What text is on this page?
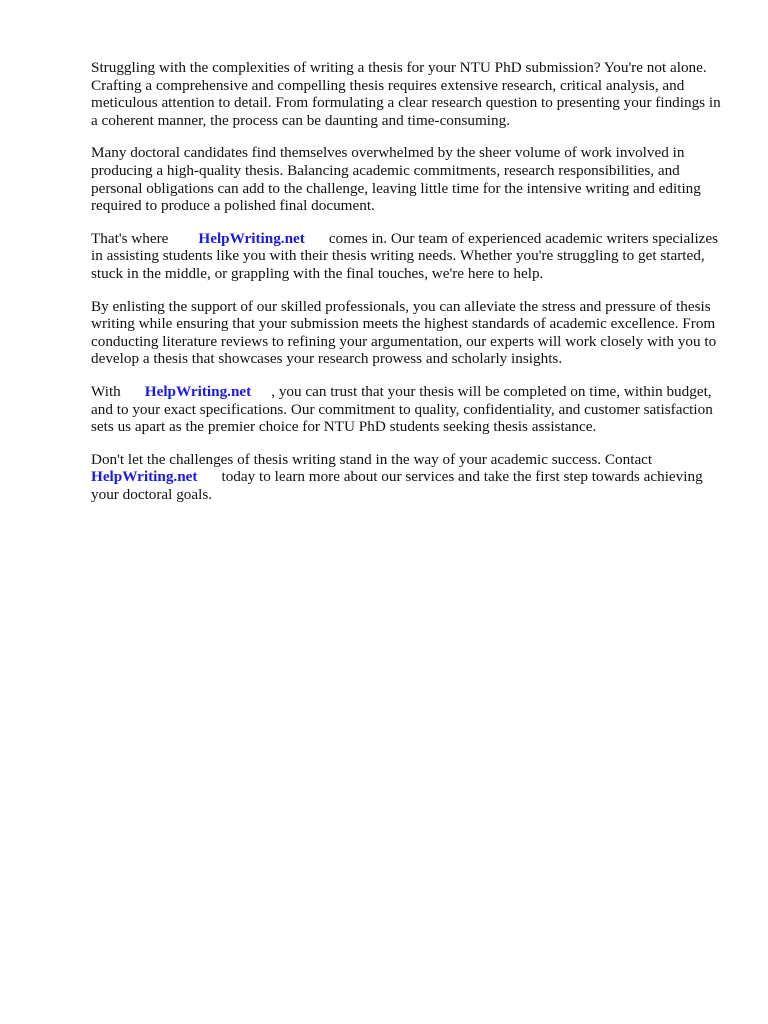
Struggling with the complexities of writing a thesis for your NTU PhD submission? You're not alone. Crafting a comprehensive and compelling thesis requires extensive research, critical analysis, and meticulous attention to detail. From formulating a clear research question to presenting your findings in a coherent manner, the process can be daunting and time-consuming.

Many doctoral candidates find themselves overwhelmed by the sheer volume of work involved in producing a high-quality thesis. Balancing academic commitments, research responsibilities, and personal obligations can add to the challenge, leaving little time for the intensive writing and editing required to produce a polished final document.

That's where HelpWriting.net comes in. Our team of experienced academic writers specializes in assisting students like you with their thesis writing needs. Whether you're struggling to get started, stuck in the middle, or grappling with the final touches, we're here to help.

By enlisting the support of our skilled professionals, you can alleviate the stress and pressure of thesis writing while ensuring that your submission meets the highest standards of academic excellence. From conducting literature reviews to refining your argumentation, our experts will work closely with you to develop a thesis that showcases your research prowess and scholarly insights.

With HelpWriting.net , you can trust that your thesis will be completed on time, within budget, and to your exact specifications. Our commitment to quality, confidentiality, and customer satisfaction sets us apart as the premier choice for NTU PhD students seeking thesis assistance.

Don't let the challenges of thesis writing stand in the way of your academic success. Contact HelpWriting.net today to learn more about our services and take the first step towards achieving your doctoral goals.
